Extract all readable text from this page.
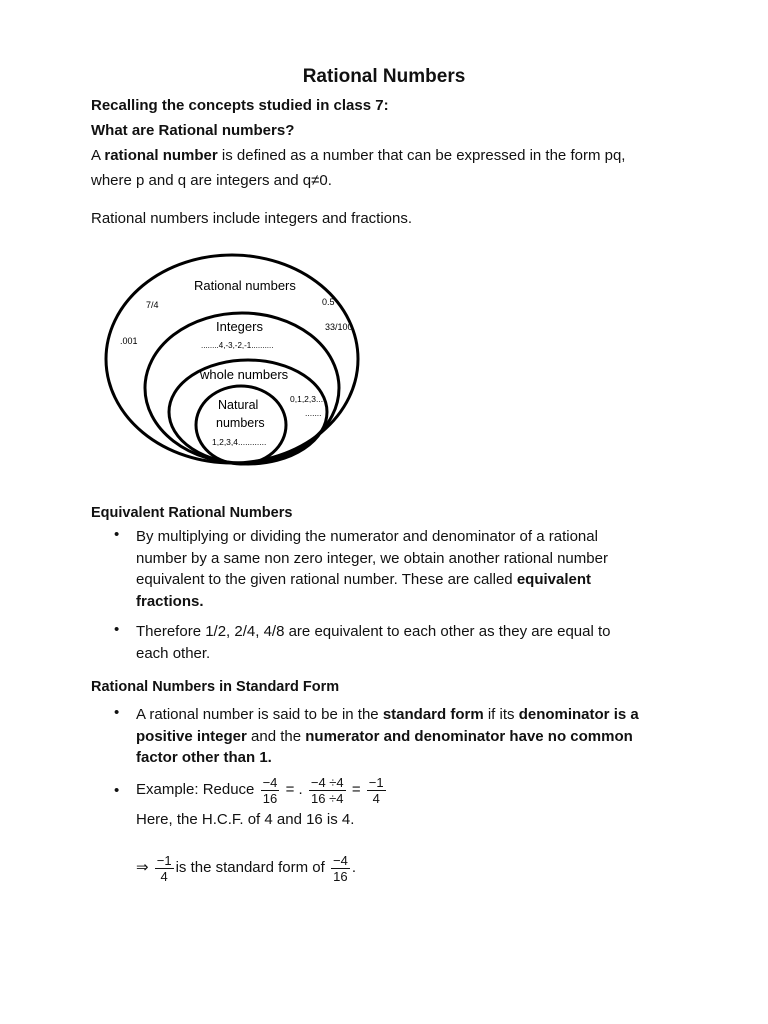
Rational Numbers
Recalling the concepts studied in class 7:
What are Rational numbers?
A rational number is defined as a number that can be expressed in the form pq,
where p and q are integers and q≠0.
Rational numbers include integers and fractions.
Rational numbers
7/4
.001
0.5
33/100
Integers
........4,-3,-2,-1..........
whole numbers
0,1,2,3....
.......
Natural
numbers
1,2,3,4............
Equivalent Rational Numbers
• By multiplying or dividing the numerator and denominator of a rational
number by a same non zero integer, we obtain another rational number
equivalent to the given rational number. These are called equivalent
fractions.
• Therefore 1/2, 2/4, 4/8 are equivalent to each other as they are equal to
each other.
Rational Numbers in Standard Form
• A rational number is said to be in the standard form if its denominator is a
positive integer and the numerator and denominator have no common
factor other than 1.
• Example: Reduce $\frac{-4}{16}$ = . $\frac{-4 \div 4}{16 \div 4} = \frac{-1}{4}$
Here, the H.C.F. of 4 and 16 is 4.
⇒ $\frac{-1}{4}$ is the standard form of $\frac{-4}{16}$ .
